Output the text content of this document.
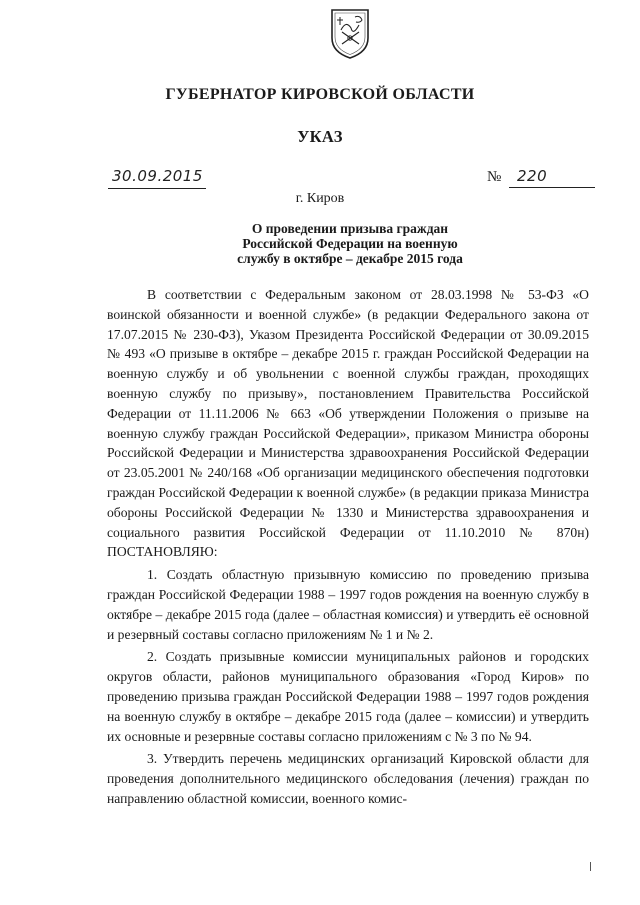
ГУБЕРНАТОР КИРОВСКОЙ ОБЛАСТИ
УКАЗ
30.09.2015	№ 220
г. Киров
О проведении призыва граждан
Российской Федерации на военную
службу в октябре – декабре 2015 года

В соответствии с Федеральным законом от 28.03.1998 № 53-ФЗ «О воинской обязанности и военной службе» (в редакции Федерального закона от 17.07.2015 № 230-ФЗ), Указом Президента Российской Федерации от 30.09.2015 № 493 «О призыве в октябре – декабре 2015 г. граждан Российской Федерации на военную службу и об увольнении с военной службы граждан, проходящих военную службу по призыву», постановлением Правительства Российской Федерации от 11.11.2006 № 663 «Об утверждении Положения о призыве на военную службу граждан Российской Федерации», приказом Министра обороны Российской Федерации и Министерства здравоохранения Российской Федерации от 23.05.2001 № 240/168 «Об организации медицинского обеспечения подготовки граждан Российской Федерации к военной службе» (в редакции приказа Министра обороны Российской Федерации № 1330 и Министерства здравоохранения и социального развития Российской Федерации от 11.10.2010 № 870н) ПОСТАНОВЛЯЮ:

1. Создать областную призывную комиссию по проведению призыва граждан Российской Федерации 1988 – 1997 годов рождения на военную службу в октябре – декабре 2015 года (далее – областная комиссия) и утвердить её основной и резервный составы согласно приложениям № 1 и № 2.

2. Создать призывные комиссии муниципальных районов и городских округов области, районов муниципального образования «Город Киров» по проведению призыва граждан Российской Федерации 1988 – 1997 годов рождения на военную службу в октябре – декабре 2015 года (далее – комиссии) и утвердить их основные и резервные составы согласно приложениям с № 3 по № 94.

3. Утвердить перечень медицинских организаций Кировской области для проведения дополнительного медицинского обследования (лечения) граждан по направлению областной комиссии, военного комис-
